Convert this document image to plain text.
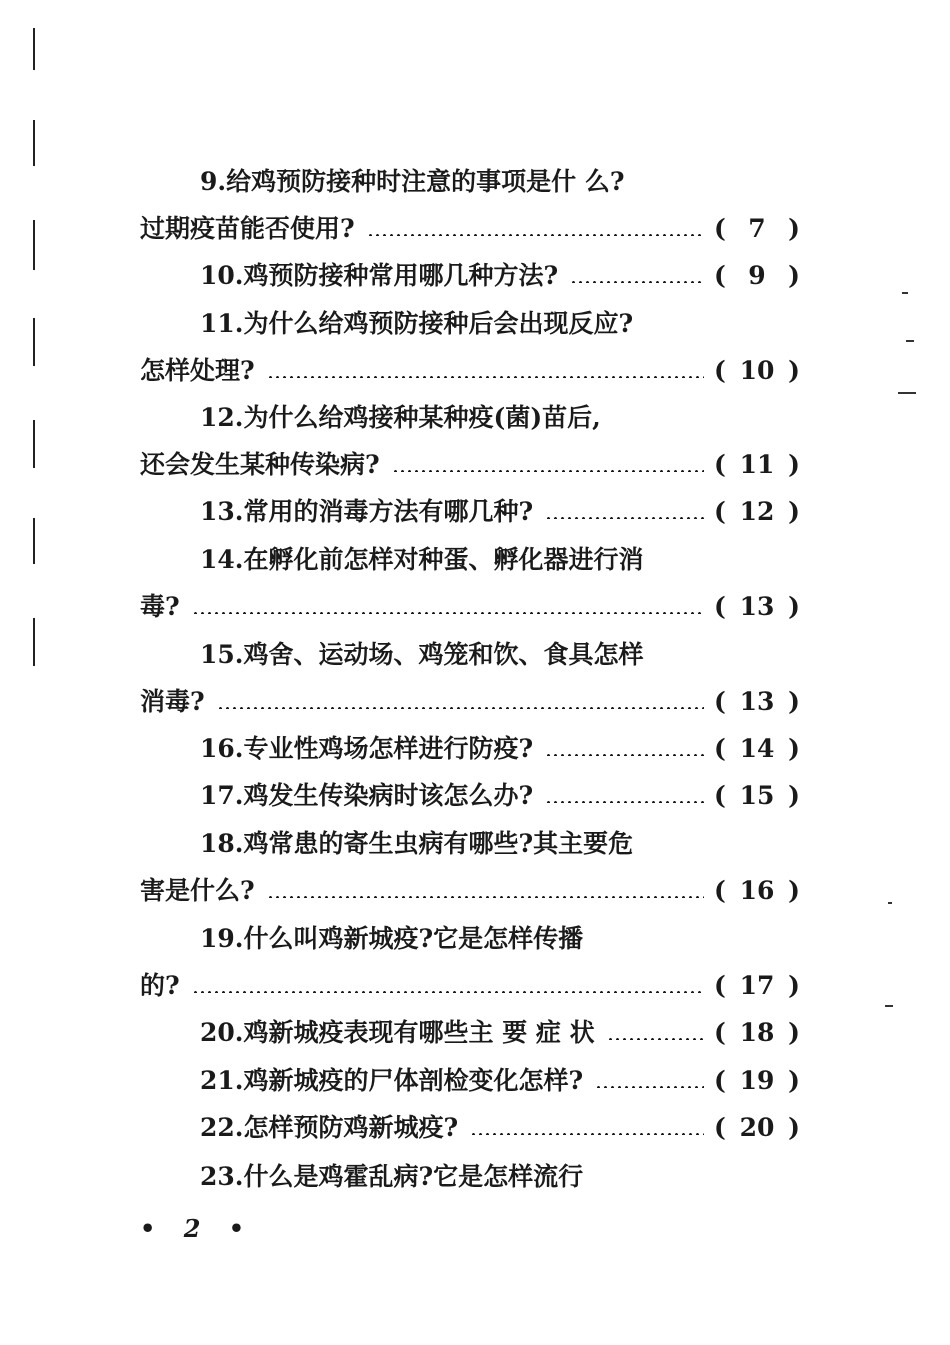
9.给鸡预防接种时注意的事项是什 么?
过期疫苗能否使用?	( 7 )
10.鸡预防接种常用哪几种方法?	( 9 )
11.为什么给鸡预防接种后会出现反应?
怎样处理?	( 10 )
12.为什么给鸡接种某种疫(菌)苗后,
还会发生某种传染病?	( 11 )
13.常用的消毒方法有哪几种?	( 12 )
14.在孵化前怎样对种蛋、孵化器进行消
毒?	( 13 )
15.鸡舍、运动场、鸡笼和饮、食具怎样
消毒?	( 13 )
16.专业性鸡场怎样进行防疫?	( 14 )
17.鸡发生传染病时该怎么办?	( 15 )
18.鸡常患的寄生虫病有哪些?其主要危
害是什么?	( 16 )
19.什么叫鸡新城疫?它是怎样传播
的?	( 17 )
20.鸡新城疫表现有哪些主 要 症 状	( 18 )
21.鸡新城疫的尸体剖检变化怎样?	( 19 )
22.怎样预防鸡新城疫?	( 20 )
23.什么是鸡霍乱病?它是怎样流行
• 2 •
